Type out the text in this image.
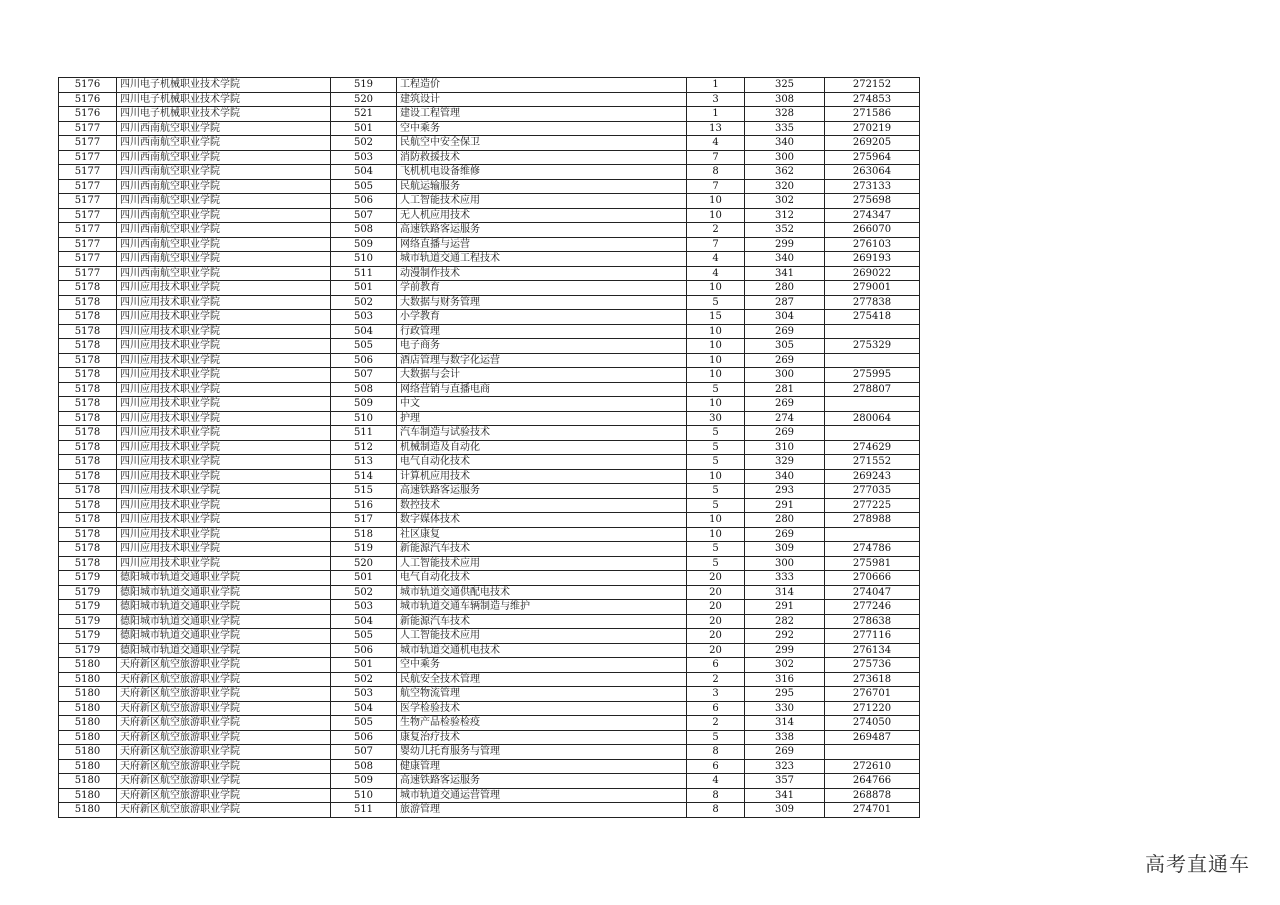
5176	四川电子机械职业技术学院	519	工程造价	1	325	272152
5176	四川电子机械职业技术学院	520	建筑设计	3	308	274853
5176	四川电子机械职业技术学院	521	建设工程管理	1	328	271586
5177	四川西南航空职业学院	501	空中乘务	13	335	270219
5177	四川西南航空职业学院	502	民航空中安全保卫	4	340	269205
5177	四川西南航空职业学院	503	消防救援技术	7	300	275964
5177	四川西南航空职业学院	504	飞机机电设备维修	8	362	263064
5177	四川西南航空职业学院	505	民航运输服务	7	320	273133
5177	四川西南航空职业学院	506	人工智能技术应用	10	302	275698
5177	四川西南航空职业学院	507	无人机应用技术	10	312	274347
5177	四川西南航空职业学院	508	高速铁路客运服务	2	352	266070
5177	四川西南航空职业学院	509	网络直播与运营	7	299	276103
5177	四川西南航空职业学院	510	城市轨道交通工程技术	4	340	269193
5177	四川西南航空职业学院	511	动漫制作技术	4	341	269022
5178	四川应用技术职业学院	501	学前教育	10	280	279001
5178	四川应用技术职业学院	502	大数据与财务管理	5	287	277838
5178	四川应用技术职业学院	503	小学教育	15	304	275418
5178	四川应用技术职业学院	504	行政管理	10	269	
5178	四川应用技术职业学院	505	电子商务	10	305	275329
5178	四川应用技术职业学院	506	酒店管理与数字化运营	10	269	
5178	四川应用技术职业学院	507	大数据与会计	10	300	275995
5178	四川应用技术职业学院	508	网络营销与直播电商	5	281	278807
5178	四川应用技术职业学院	509	中文	10	269	
5178	四川应用技术职业学院	510	护理	30	274	280064
5178	四川应用技术职业学院	511	汽车制造与试验技术	5	269	
5178	四川应用技术职业学院	512	机械制造及自动化	5	310	274629
5178	四川应用技术职业学院	513	电气自动化技术	5	329	271552
5178	四川应用技术职业学院	514	计算机应用技术	10	340	269243
5178	四川应用技术职业学院	515	高速铁路客运服务	5	293	277035
5178	四川应用技术职业学院	516	数控技术	5	291	277225
5178	四川应用技术职业学院	517	数字媒体技术	10	280	278988
5178	四川应用技术职业学院	518	社区康复	10	269	
5178	四川应用技术职业学院	519	新能源汽车技术	5	309	274786
5178	四川应用技术职业学院	520	人工智能技术应用	5	300	275981
5179	德阳城市轨道交通职业学院	501	电气自动化技术	20	333	270666
5179	德阳城市轨道交通职业学院	502	城市轨道交通供配电技术	20	314	274047
5179	德阳城市轨道交通职业学院	503	城市轨道交通车辆制造与维护	20	291	277246
5179	德阳城市轨道交通职业学院	504	新能源汽车技术	20	282	278638
5179	德阳城市轨道交通职业学院	505	人工智能技术应用	20	292	277116
5179	德阳城市轨道交通职业学院	506	城市轨道交通机电技术	20	299	276134
5180	天府新区航空旅游职业学院	501	空中乘务	6	302	275736
5180	天府新区航空旅游职业学院	502	民航安全技术管理	2	316	273618
5180	天府新区航空旅游职业学院	503	航空物流管理	3	295	276701
5180	天府新区航空旅游职业学院	504	医学检验技术	6	330	271220
5180	天府新区航空旅游职业学院	505	生物产品检验检疫	2	314	274050
5180	天府新区航空旅游职业学院	506	康复治疗技术	5	338	269487
5180	天府新区航空旅游职业学院	507	婴幼儿托育服务与管理	8	269	
5180	天府新区航空旅游职业学院	508	健康管理	6	323	272610
5180	天府新区航空旅游职业学院	509	高速铁路客运服务	4	357	264766
5180	天府新区航空旅游职业学院	510	城市轨道交通运营管理	8	341	268878
5180	天府新区航空旅游职业学院	511	旅游管理	8	309	274701
高考直通车
